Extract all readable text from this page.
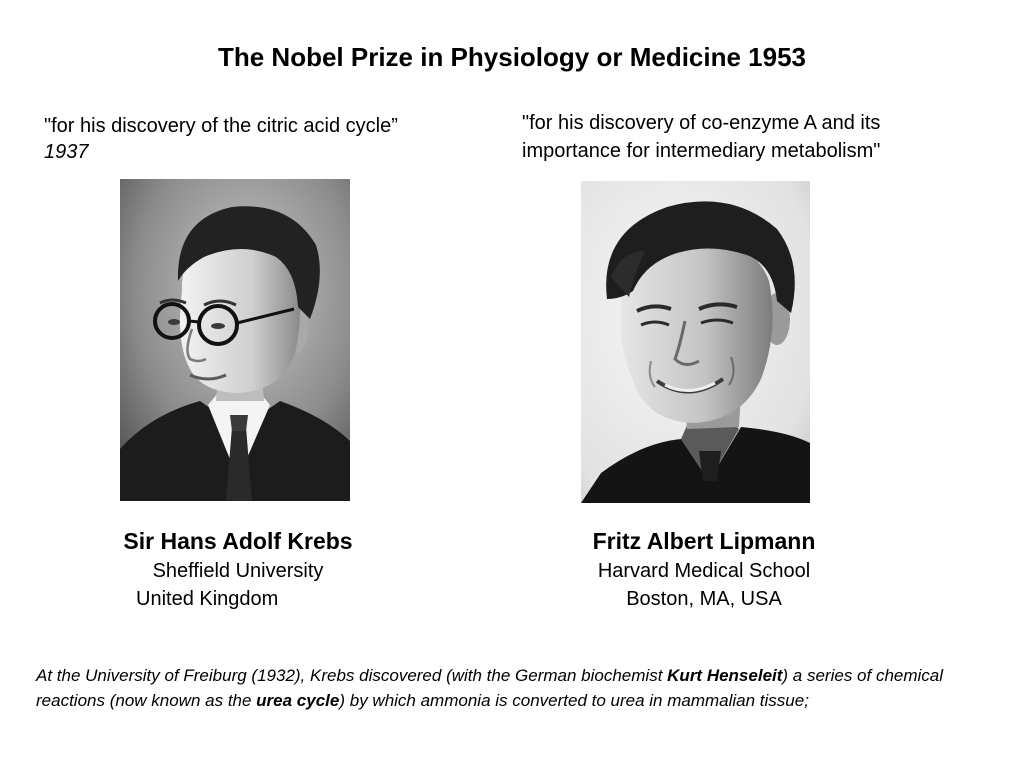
The Nobel Prize in Physiology or Medicine 1953
"for his discovery of the citric acid cycle”
1937
"for his discovery of co-enzyme A and its
importance for intermediary metabolism"
Sir Hans Adolf Krebs
Sheffield University
United Kingdom
Fritz Albert Lipmann
Harvard Medical School
Boston, MA, USA
At the University of Freiburg (1932), Krebs discovered (with the German biochemist Kurt Henseleit) a series of chemical reactions (now known as the urea cycle) by which ammonia is converted to urea in mammalian tissue;
